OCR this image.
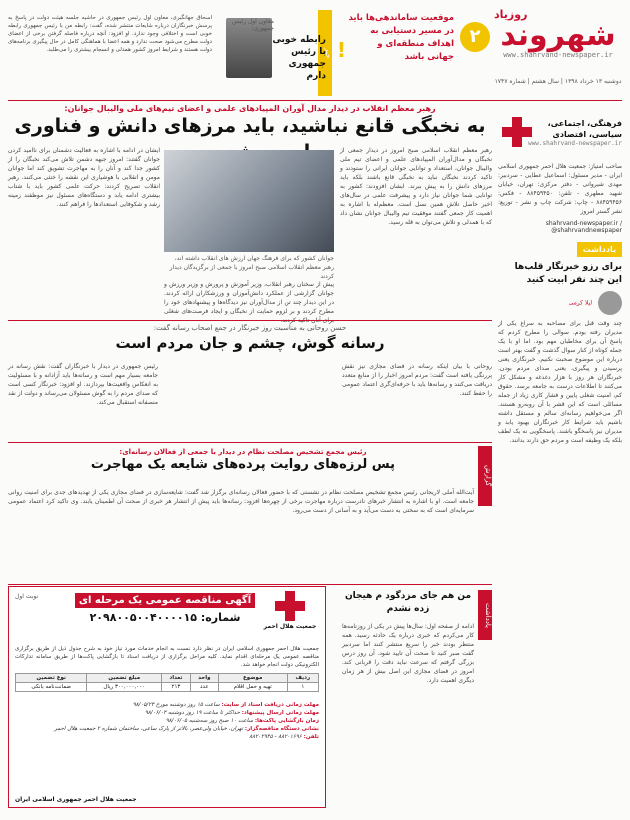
روزیاد
شهروند
www.shahrvand-newspaper.ir
دوشنبه ۱۳ خرداد ۱۳۹۸ | سال هشتم | شماره ۱۷۴۷
۲
موقعیت ساماندهی‌ها باید در مسیر دستیابی به اهداف منطقه‌ای و جهانی باشد
!
خبر
معاون اول رئیس جمهوری:
رابطه خوبی با رئیس جمهوری دارم
اسحاق جهانگیری، معاون اول رئیس جمهوری در حاشیه جلسه هیئت دولت در پاسخ به پرسش خبرنگاران درباره شایعات منتشر شده، گفت: رابطه من با رئیس جمهوری رابطه خوبی است و اختلافی وجود ندارد. او افزود: آنچه درباره فاصله گرفتن برخی از اعضای دولت مطرح می‌شود صحت ندارد و همه اعضا با هماهنگی کامل در حال پیگیری برنامه‌های دولت هستند و شرایط امروز کشور همدلی و انسجام بیشتری را می‌طلبد.
فرهنگی، اجتماعی، سیاسی، اقتصادی
www.shahrvand-newspaper.ir
صاحب امتیاز: جمعیت هلال احمر جمهوری اسلامی ایران - مدیر مسئول: اسماعیل عطایی - سردبیر: مهدی شیروانی - دفتر مرکزی: تهران، خیابان شهید مطهری - تلفن: ۸۸۴۵۹۴۵۰ - فکس: ۸۸۴۵۹۴۵۶ - چاپ: شرکت چاپ و نشر - توزیع: نشر گستر امروز
shahrvand-newspaper.ir / @shahrvandnewspaper
یادداشت
برای رزو خبرنگار قلب‌ها این چند نفر ابیت کنید
لیلا کرمی
چند وقت قبل برای مصاحبه به سراغ یکی از مدیران رفته بودم. سوالی را مطرح کردم که پاسخ آن برای مخاطبان مهم بود. اما او با یک جمله کوتاه از کنار سوال گذشت و گفت بهتر است درباره این موضوع صحبت نکنیم. خبرنگاری یعنی پرسیدن و پیگیری، یعنی صدای مردم بودن. خبرنگاران هر روز با هزار دغدغه و مشکل کار می‌کنند تا اطلاعات درست به جامعه برسد. حقوق کم، امنیت شغلی پایین و فشار کاری زیاد از جمله مسائلی است که این قشر با آن روبه‌رو هستند. اگر می‌خواهیم رسانه‌ای سالم و مستقل داشته باشیم باید شرایط کار خبرنگاران بهبود یابد و مدیران نیز پاسخگو باشند. پاسخگویی نه یک لطف بلکه یک وظیفه است و مردم حق دارند بدانند.
رهبر معظم انقلاب در دیدار مدال آوران المپیادهای علمی و اعضای تیم‌های ملی والیبال جوانان:
به نخبگی قانع نباشید، باید مرزهای دانش و فناوری
رهبر معظم انقلاب اسلامی صبح امروز در دیدار جمعی از نخبگان و مدال‌آوران المپیادهای علمی و اعضای تیم ملی والیبال جوانان، استعداد و توانایی جوانان ایرانی را ستودند و تاکید کردند نخبگان نباید به نخبگی قانع باشند بلکه باید مرزهای دانش را به پیش ببرند. ایشان افزودند: کشور به توانایی شما جوانان نیاز دارد و پیشرفت علمی در سال‌های اخیر حاصل تلاش همین نسل است. معظم‌له با اشاره به اهمیت کار جمعی گفتند موفقیت تیم والیبال جوانان نشان داد که با همدلی و تلاش می‌توان به قله رسید.
جوانان کشور که برای فرهنگ جهان ارزش های انقلاب داشته اند، رهبر معظم انقلاب اسلامی صبح امروز با جمعی از برگزیدگان دیدار کردند
ایشان در ادامه با اشاره به فعالیت دشمنان برای ناامید کردن جوانان گفتند: امروز جبهه دشمن تلاش می‌کند نخبگان را از کشور جدا کند و آنان را به مهاجرت تشویق کند اما جوانان مومن و انقلابی با هوشیاری این نقشه را خنثی می‌کنند. رهبر انقلاب تصریح کردند: حرکت علمی کشور باید با شتاب بیشتری ادامه یابد و دستگاه‌های مسئول نیز موظفند زمینه رشد و شکوفایی استعدادها را فراهم کنند.
پیش از سخنان رهبر انقلاب، وزیر آموزش و پرورش و وزیر ورزش و جوانان گزارشی از عملکرد دانش‌آموزان و ورزشکاران ارائه کردند. در این دیدار چند تن از مدال‌آوران نیز دیدگاه‌ها و پیشنهادهای خود را مطرح کردند و بر لزوم حمایت از نخبگان و ایجاد فرصت‌های شغلی
حسن روحانی به مناسبت روز خبرنگار در جمع اصحاب رسانه گفت:
رسانه گوش، چشم و جان مردم است
رئیس جمهوری در دیدار با خبرنگاران گفت: نقش رسانه در جامعه بسیار مهم است و رسانه‌ها باید آزادانه و با مسئولیت به انعکاس واقعیت‌ها بپردازند. او افزود: خبرنگار کسی است که صدای مردم را به گوش مسئولان می‌رساند و دولت از نقد منصفانه استقبال می‌کند.
روحانی با بیان اینکه رسانه در فضای مجازی نیز نقش پررنگی یافته است گفت: مردم امروز اخبار را از منابع متعدد دریافت می‌کنند و رسانه‌ها باید با حرفه‌ای‌گری اعتماد عمومی را حفظ کنند.
گزارش
رئیس مجمع تشخیص مصلحت نظام در دیدار با جمعی از فعالان رسانه‌ای:
پس لرزه‌های روایت پرده‌های شایعه یک مهاجرت
آیت‌الله آملی لاریجانی رئیس مجمع تشخیص مصلحت نظام در نشستی که با حضور فعالان رسانه‌ای برگزار شد گفت: شایعه‌سازی در فضای مجازی یکی از تهدیدهای جدی برای امنیت روانی جامعه است. او با اشاره به انتشار خبرهای نادرست درباره مهاجرت برخی از چهره‌ها افزود: رسانه‌ها باید پیش از انتشار هر خبری از صحت آن اطمینان یابند. وی تاکید کرد اعتماد عمومی سرمایه‌ای است که به سختی به دست می‌آید و به آسانی از دست می‌رود.
یادداشت
من هم جای مزدگود م هیجان زده نشدم
ادامه از صفحه اول: سال‌ها پیش در یکی از روزنامه‌ها کار می‌کردم که خبری درباره یک حادثه رسید. همه منتظر بودند خبر را سریع منتشر کنند اما سردبیر گفت صبر کنید تا صحت آن تایید شود. آن روز درس بزرگی گرفتم که سرعت نباید دقت را قربانی کند. امروز در فضای مجازی این اصل بیش از هر زمان دیگری اهمیت دارد.
نوبت اول
جمعیت هلال احمر
آگهی مناقصه عمومی یک مرحله ای
شماره: ۲۰۹۸۰۰۵۰۰۴۰۰۰۰۱۵
جمعیت هلال احمر جمهوری اسلامی ایران در نظر دارد نسبت به انجام خدمات مورد نیاز خود به شرح جدول ذیل از طریق برگزاری مناقصه عمومی یک مرحله‌ای اقدام نماید. کلیه مراحل برگزاری از دریافت اسناد تا بازگشایی پاکت‌ها از طریق سامانه تدارکات الکترونیکی دولت انجام خواهد شد.
ردیف	موضوع	واحد	تعداد	مبلغ تضمین	نوع تضمین
۱	تهیه و حمل اقلام	عدد	۲۱۳	۳۰۰,۰۰۰,۰۰۰ ریال	ضمانت‌نامه بانکی
مهلت زمانی دریافت اسناد از سایت: ساعت ۱۵ روز دوشنبه مورخ ۹۸/۰۵/۲۳
مهلت زمانی ارسال پیشنهاد: حداکثر تا ساعت ۱۹ روز دوشنبه ۹۸/۰۶/۰۴
زمان بازگشایی پاکت‌ها: ساعت ۱۰ صبح روز سه‌شنبه ۹۸/۰۶/۰۵
نشانی دستگاه مناقصه‌گزار: تهران، خیابان ولی‌عصر، بالاتر از پارک ساعی، ساختمان شماره ۲ جمعیت هلال احمر
تلفن: ۸۸۲۰۱۶۹۶ - ۸۸۲۰۲۹۴۵
جمعیت هلال احمر جمهوری اسلامی ایران
